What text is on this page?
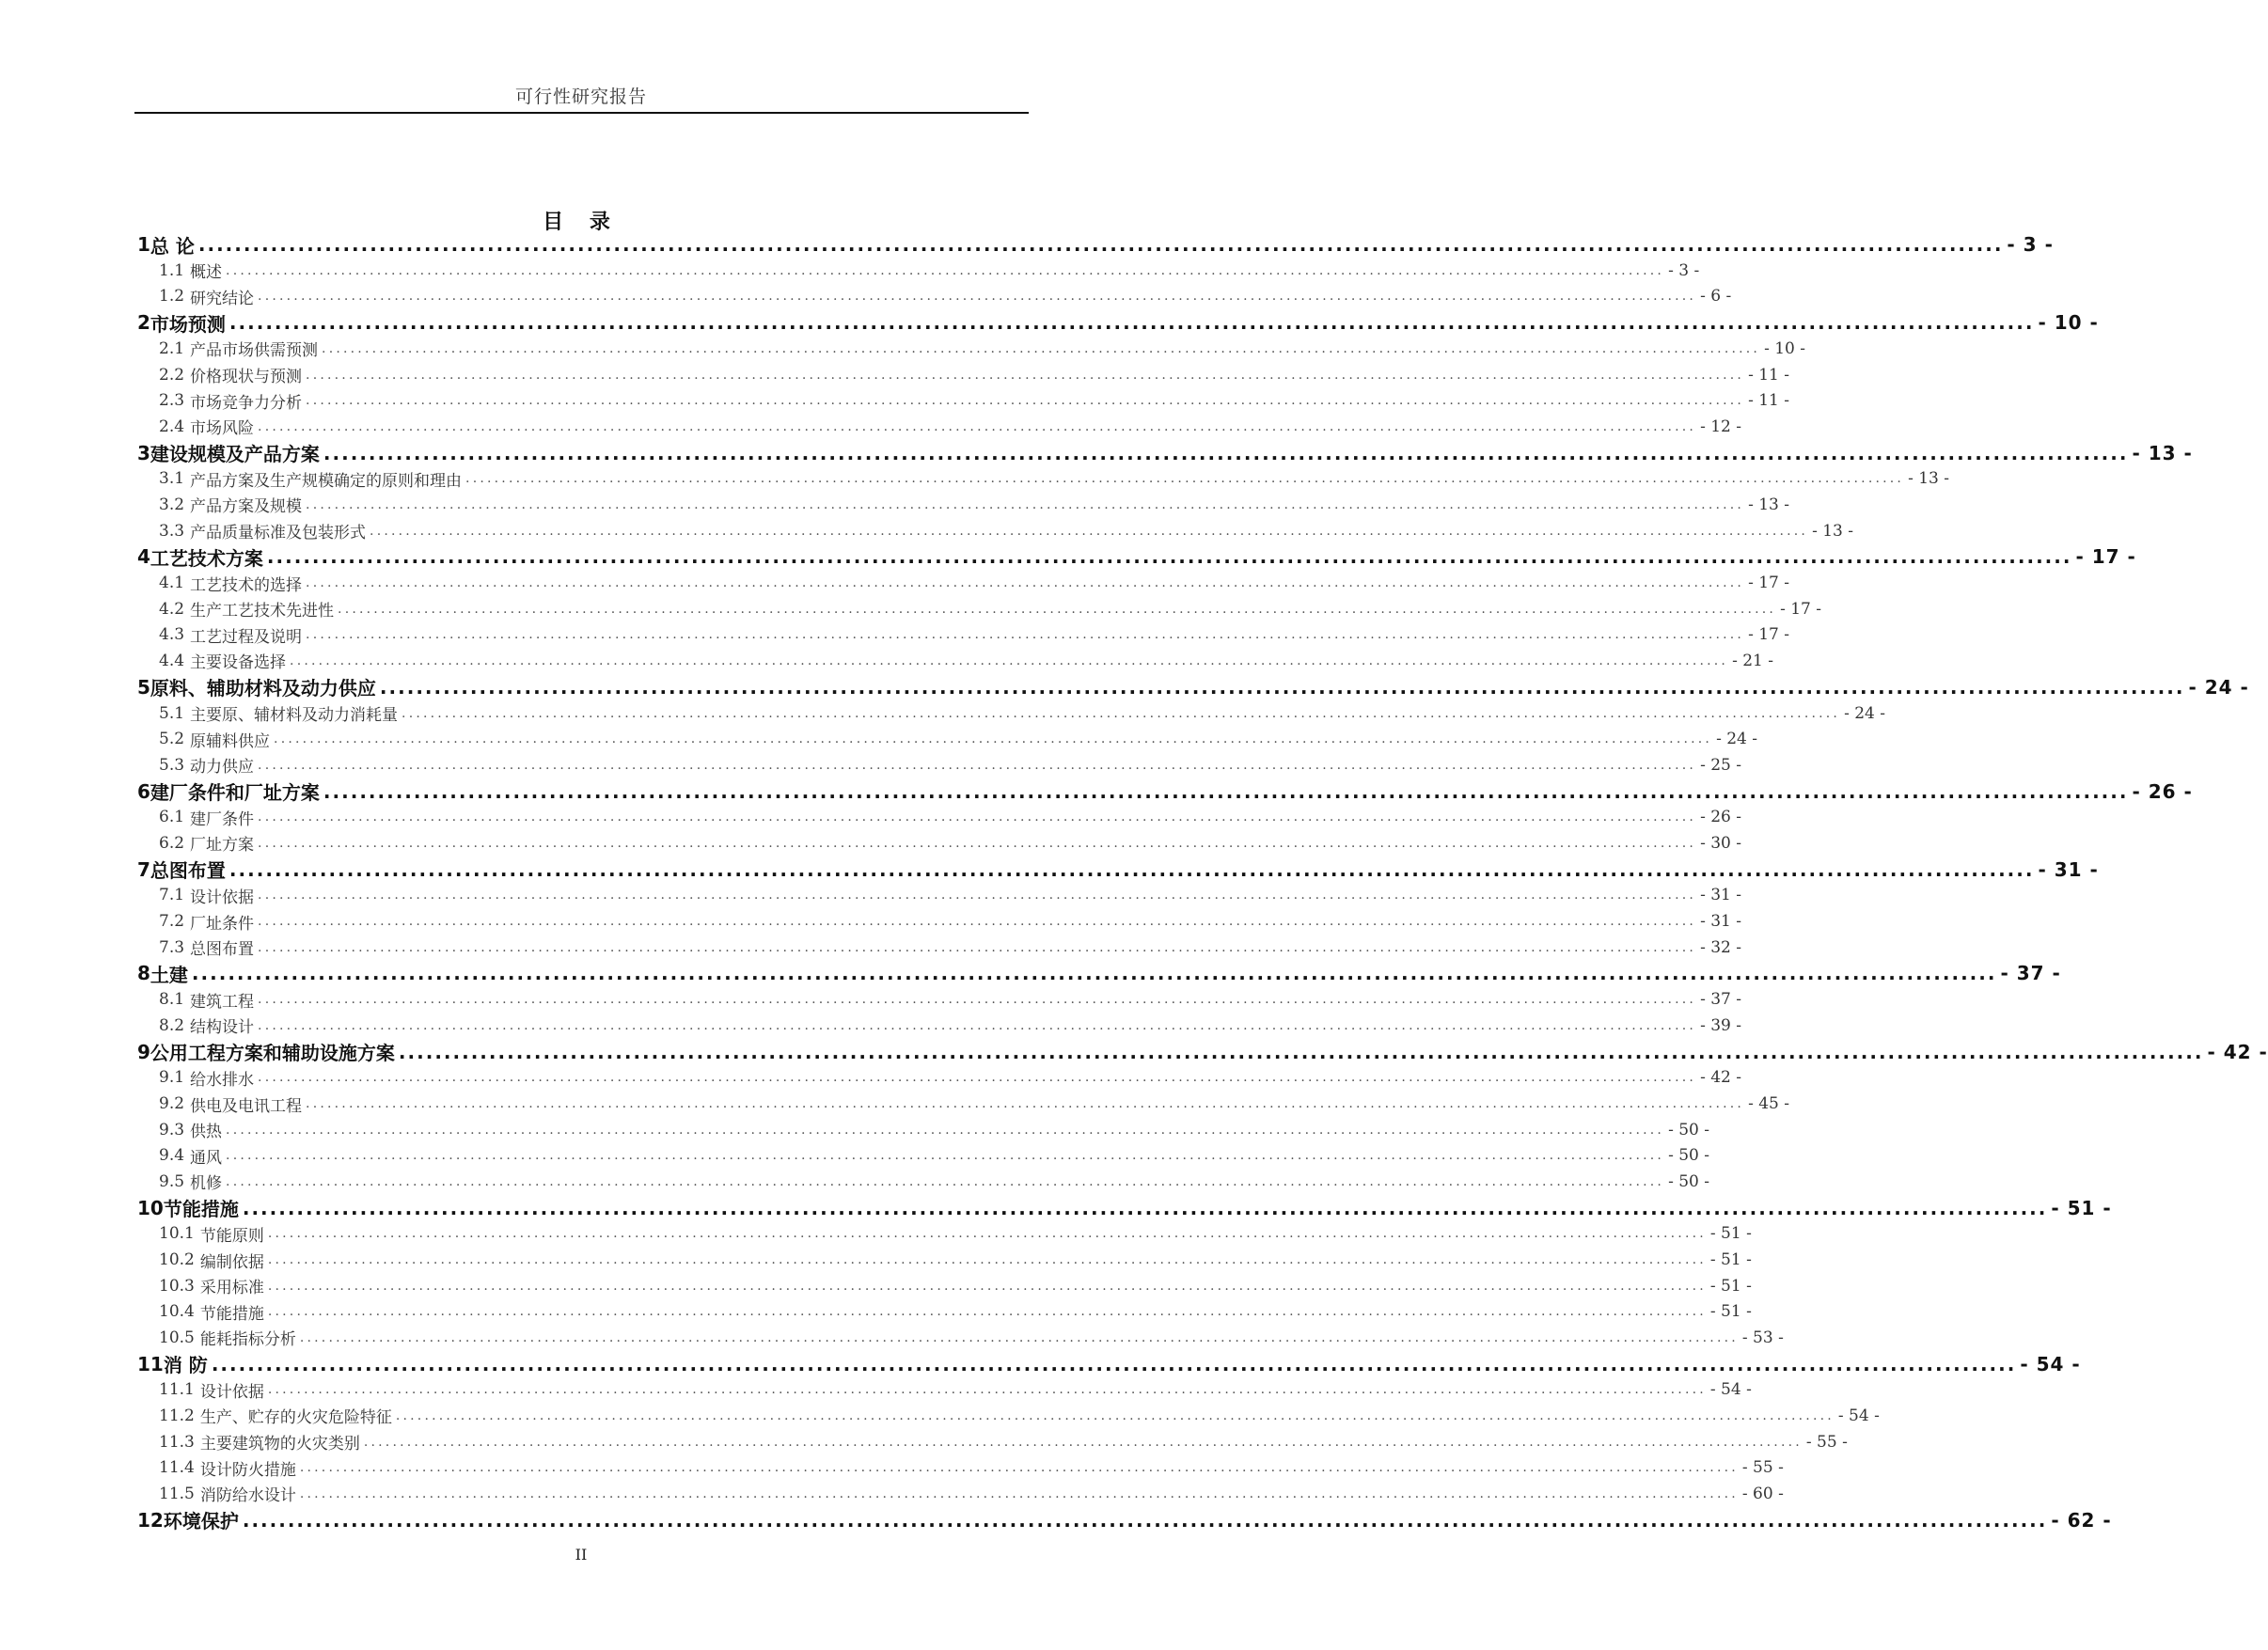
可行性研究报告
目 录
1 总 论 ........................................................................................................................................................................................................ - 3 -
1.1 概述 ........................................................................................................................................................................................................ - 3 -
1.2 研究结论 ........................................................................................................................................................................................................ - 6 -
2 市场预测 ........................................................................................................................................................................................................ - 10 -
2.1 产品市场供需预测 ........................................................................................................................................................................................................ - 10 -
2.2 价格现状与预测 ........................................................................................................................................................................................................ - 11 -
2.3 市场竞争力分析 ........................................................................................................................................................................................................ - 11 -
2.4 市场风险 ........................................................................................................................................................................................................ - 12 -
3 建设规模及产品方案 ........................................................................................................................................................................................................ - 13 -
3.1 产品方案及生产规模确定的原则和理由 ........................................................................................................................................................................................................ - 13 -
3.2 产品方案及规模 ........................................................................................................................................................................................................ - 13 -
3.3 产品质量标准及包装形式 ........................................................................................................................................................................................................ - 13 -
4 工艺技术方案 ........................................................................................................................................................................................................ - 17 -
4.1 工艺技术的选择 ........................................................................................................................................................................................................ - 17 -
4.2 生产工艺技术先进性 ........................................................................................................................................................................................................ - 17 -
4.3 工艺过程及说明 ........................................................................................................................................................................................................ - 17 -
4.4 主要设备选择 ........................................................................................................................................................................................................ - 21 -
5 原料、辅助材料及动力供应 ........................................................................................................................................................................................................ - 24 -
5.1 主要原、辅材料及动力消耗量 ........................................................................................................................................................................................................ - 24 -
5.2 原辅料供应 ........................................................................................................................................................................................................ - 24 -
5.3 动力供应 ........................................................................................................................................................................................................ - 25 -
6 建厂条件和厂址方案 ........................................................................................................................................................................................................ - 26 -
6.1 建厂条件 ........................................................................................................................................................................................................ - 26 -
6.2 厂址方案 ........................................................................................................................................................................................................ - 30 -
7 总图布置 ........................................................................................................................................................................................................ - 31 -
7.1 设计依据 ........................................................................................................................................................................................................ - 31 -
7.2 厂址条件 ........................................................................................................................................................................................................ - 31 -
7.3 总图布置 ........................................................................................................................................................................................................ - 32 -
8 土建 ........................................................................................................................................................................................................ - 37 -
8.1 建筑工程 ........................................................................................................................................................................................................ - 37 -
8.2 结构设计 ........................................................................................................................................................................................................ - 39 -
9 公用工程方案和辅助设施方案 ........................................................................................................................................................................................................ - 42 -
9.1 给水排水 ........................................................................................................................................................................................................ - 42 -
9.2 供电及电讯工程 ........................................................................................................................................................................................................ - 45 -
9.3 供热 ........................................................................................................................................................................................................ - 50 -
9.4 通风 ........................................................................................................................................................................................................ - 50 -
9.5 机修 ........................................................................................................................................................................................................ - 50 -
10 节能措施 ........................................................................................................................................................................................................ - 51 -
10.1 节能原则 ........................................................................................................................................................................................................ - 51 -
10.2 编制依据 ........................................................................................................................................................................................................ - 51 -
10.3 采用标准 ........................................................................................................................................................................................................ - 51 -
10.4 节能措施 ........................................................................................................................................................................................................ - 51 -
10.5 能耗指标分析 ........................................................................................................................................................................................................ - 53 -
11 消 防 ........................................................................................................................................................................................................ - 54 -
11.1 设计依据 ........................................................................................................................................................................................................ - 54 -
11.2 生产、贮存的火灾危险特征 ........................................................................................................................................................................................................ - 54 -
11.3 主要建筑物的火灾类别 ........................................................................................................................................................................................................ - 55 -
11.4 设计防火措施 ........................................................................................................................................................................................................ - 55 -
11.5 消防给水设计 ........................................................................................................................................................................................................ - 60 -
12 环境保护 ........................................................................................................................................................................................................ - 62 -
II
